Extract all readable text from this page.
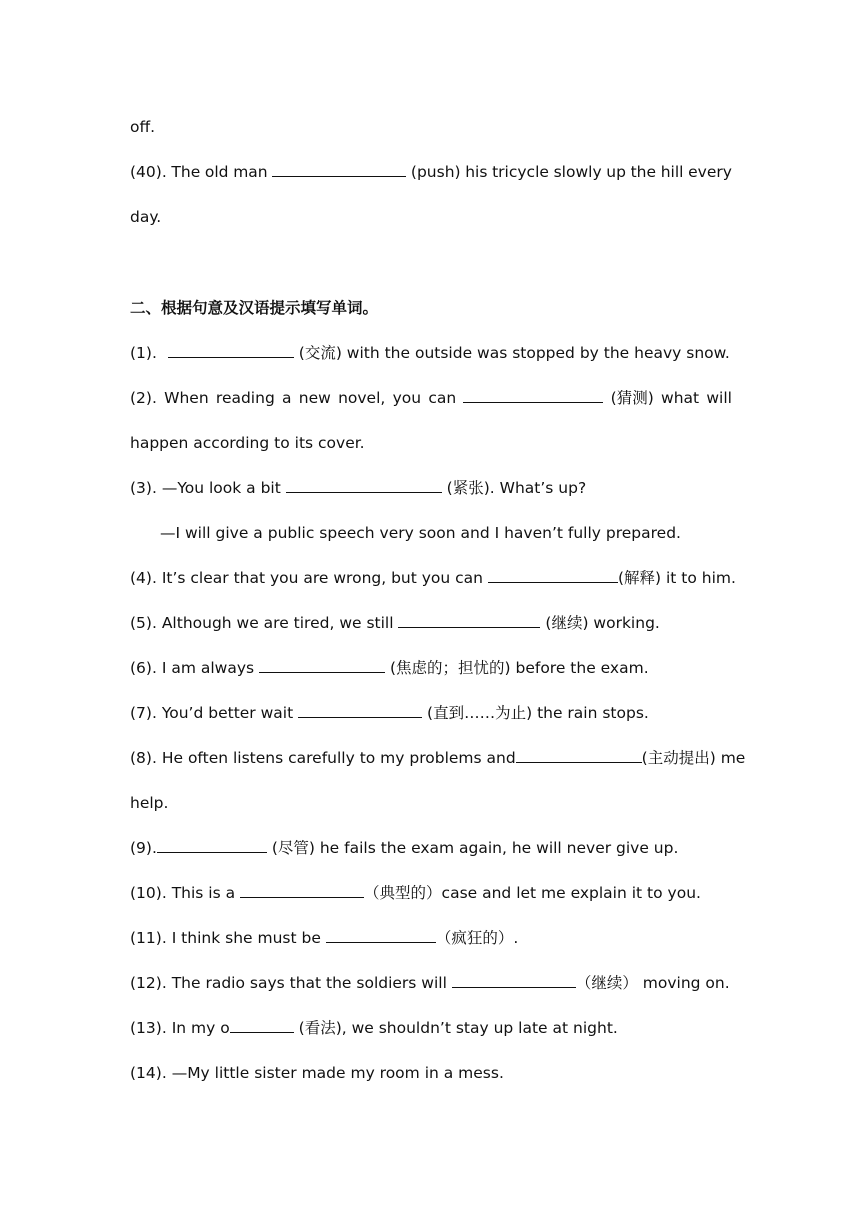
off.
(40). The old man	(push) his tricycle slowly up the hill every
day.
二、根据句意及汉语提示填写单词。
(1).	(交流) with the outside was stopped by the heavy snow.
(2). When reading a new novel, you can	(猜测) what will
happen according to its cover.
(3). —You look a bit	(紧张). What’s up?
—I will give a public speech very soon and I haven’t fully prepared.
(4). It’s clear that you are wrong, but you can	(解释) it to him.
(5). Although we are tired, we still	(继续) working.
(6). I am always	(焦虑的；担忧的) before the exam.
(7). You’d better wait	(直到……为止) the rain stops.
(8). He often listens carefully to my problems and	(主动提出) me
help.
(9).	(尽管) he fails the exam again, he will never give up.
(10). This is a	（典型的）case and let me explain it to you.
(11). I think she must be	（疯狂的）.
(12). The radio says that the soldiers will	（继续） moving on.
(13). In my o	(看法), we shouldn’t stay up late at night.
(14). —My little sister made my room in a mess.
